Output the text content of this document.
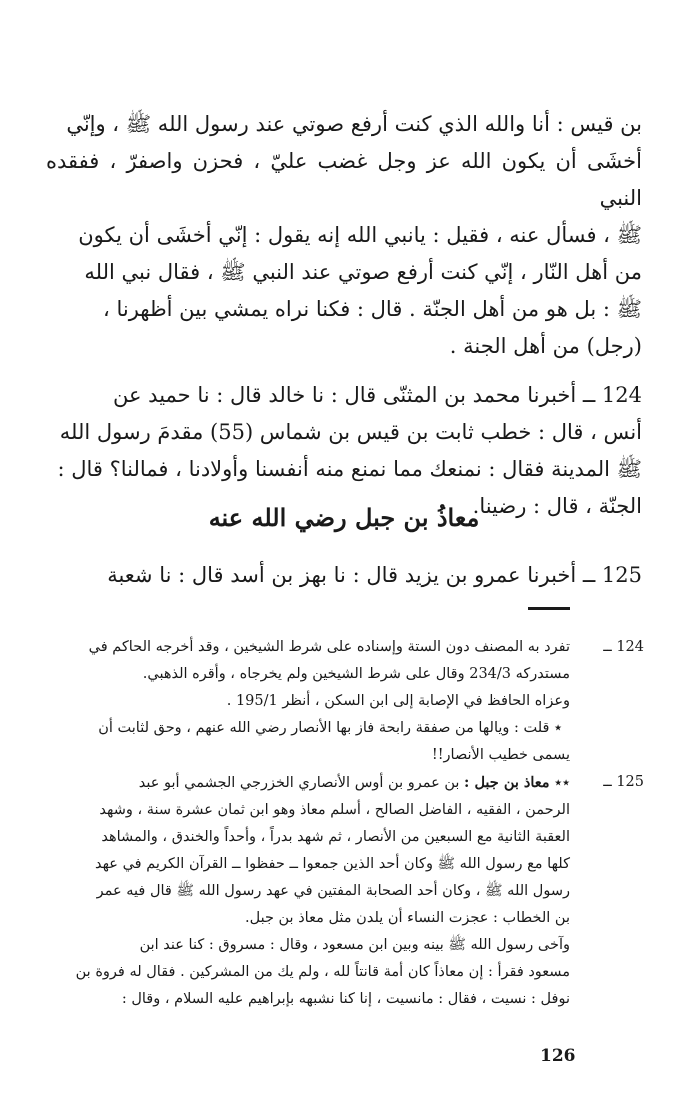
بن قيس : أنا والله الذي كنت أرفع صوتي عند رسول الله ﷺ ، وإنّي

أخشَى أن يكون الله عز وجل غضب عليّ ، فحزن واصفرّ ، ففقده النبي

ﷺ ، فسأل عنه ، فقيل : يانبي الله إنه يقول : إنّي أخشَى أن يكون

من أهل النّار ، إنّي كنت أرفع صوتي عند النبي ﷺ ، فقال نبي الله

ﷺ : بل هو من أهل الجنّة . قال : فكنا نراه يمشي بين أظهرنا ،

(رجل) من أهل الجنة .

124 ــ أخبرنا محمد بن المثنّى قال : نا خالد قال : نا حميد عن

أنس ، قال : خطب ثابت بن قيس بن شماس (55) مقدمَ رسول الله

ﷺ المدينة فقال : نمنعك مما نمنع منه أنفسنا وأولادنا ، فمالنا؟ قال :

الجنّة ، قال : رضينا.

معاذُ بن جبل رضي الله عنه
125 ــ أخبرنا عمرو بن يزيد قال : نا بهز بن أسد قال : نا شعبة
124 ــ

تفرد به المصنف دون الستة وإسناده على شرط الشيخين ، وقد أخرجه الحاكم في

مستدركه 234/3 وقال على شرط الشيخين ولم يخرجاه ، وأقره الذهبي.

وعزاه الحافظ في الإصابة إلى ابن السكن ، أنظر 195/1 .

٭ قلت : ويالها من صفقة رابحة فاز بها الأنصار رضي الله عنهم ، وحق لثابت أن

يسمى خطيب الأنصار!!

125 ــ

٭٭ معاذ بن جبل : بن عمرو بن أوس الأنصاري الخزرجي الجشمي أبو عبد

الرحمن ، الفقيه ، الفاضل الصالح ، أسلم معاذ وهو ابن ثمان عشرة سنة ، وشهد

العقبة الثانية مع السبعين من الأنصار ، ثم شهد بدراً ، وأحداً والخندق ، والمشاهد

كلها مع رسول الله ﷺ وكان أحد الذين جمعوا ــ حفظوا ــ القرآن الكريم في عهد

رسول الله ﷺ ، وكان أحد الصحابة المفتين في عهد رسول الله ﷺ قال فيه عمر

بن الخطاب : عجزت النساء أن يلدن مثل معاذ بن جبل.

وآخى رسول الله ﷺ بينه وبين ابن مسعود ، وقال : مسروق : كنا عند ابن

مسعود فقرأ : إن معاذاً كان أمة قانتاً لله ، ولم يك من المشركين . فقال له فروة بن

نوفل : نسيت ، فقال : مانسيت ، إنا كنا نشبهه بإبراهيم عليه السلام ، وقال :

126
